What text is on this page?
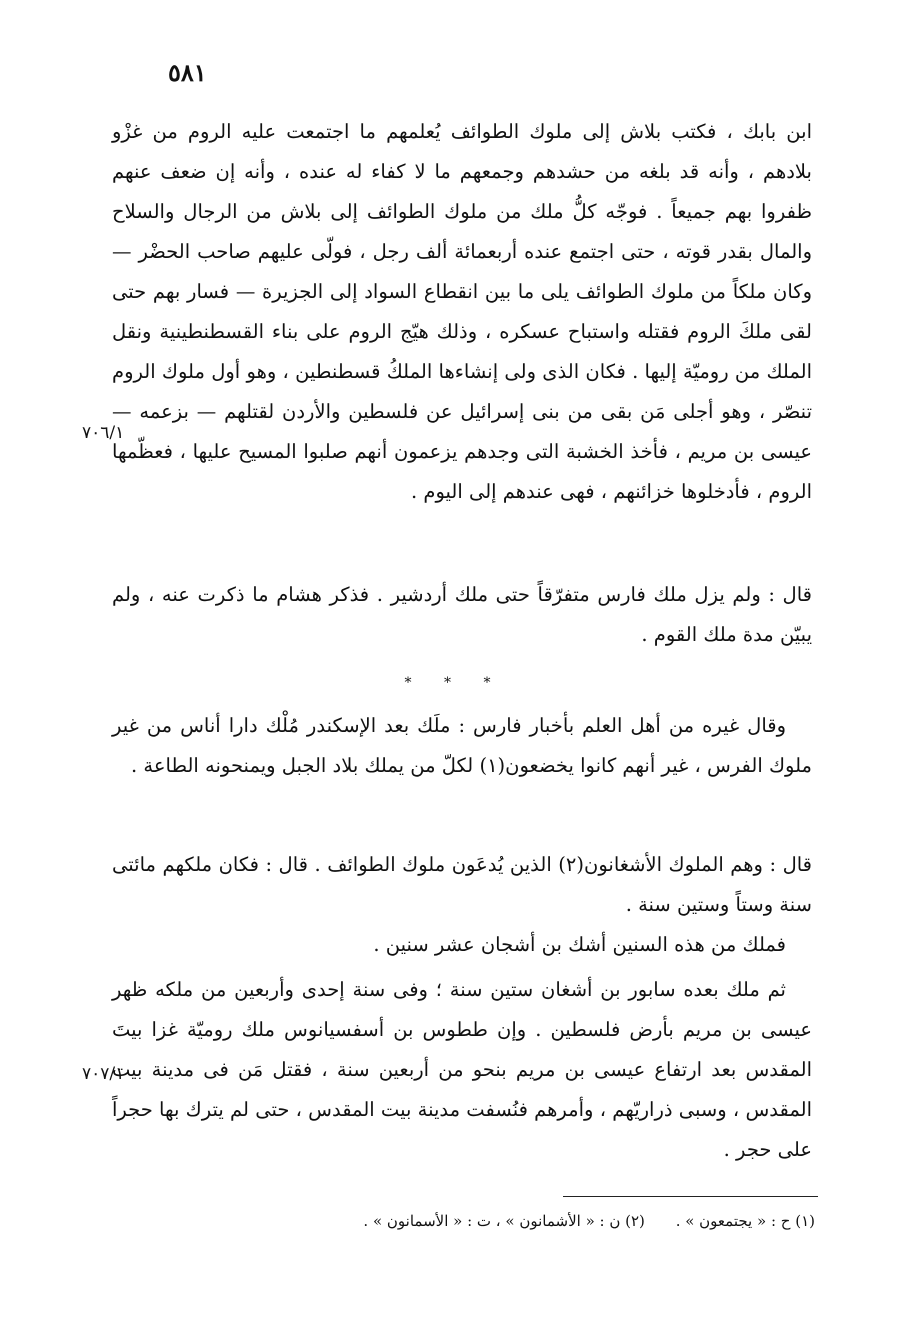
٥٨١

ابن بابك ، فكتب بلاش إلى ملوك الطوائف يُعلمهم ما اجتمعت عليه الروم من غزْو بلادهم ، وأنه قد بلغه من حشدهم وجمعهم ما لا كفاء له عنده ، وأنه إن ضعف عنهم ظفروا بهم جميعاً . فوجّه كلُّ ملك من ملوك الطوائف إلى بلاش من الرجال والسلاح والمال بقدر قوته ، حتى اجتمع عنده أربعمائة ألف رجل ، فولّى عليهم صاحب الحضْر — وكان ملكاً من ملوك الطوائف يلى ما بين انقطاع السواد إلى الجزيرة — فسار بهم حتى لقى ملكَ الروم فقتله واستباح عسكره ، وذلك هيّج الروم على بناء القسطنطينية ونقل الملك من روميّة إليها . فكان الذى ولى إنشاءها الملكُ قسطنطين ، وهو أول ملوك الروم تنصّر ، وهو أجلى مَن بقى من بنى إسرائيل عن فلسطين والأردن لقتلهم — بزعمه — عيسى بن مريم ، فأخذ الخشبة التى وجدهم يزعمون أنهم صلبوا المسيح عليها ، فعظّمها الروم ، فأدخلوها خزائنهم ، فهى عندهم إلى اليوم .

٧٠٦/١

قال : ولم يزل ملك فارس متفرّقاً حتى ملك أردشير . فذكر هشام ما ذكرت عنه ، ولم يبيّن مدة ملك القوم .

* * *

وقال غيره من أهل العلم بأخبار فارس : ملَك بعد الإسكندر مُلْك دارا أناس من غير ملوك الفرس ، غير أنهم كانوا يخضعون(١) لكلّ من يملك بلاد الجبل ويمنحونه الطاعة .

قال : وهم الملوك الأشغانون(٢) الذين يُدعَون ملوك الطوائف . قال : فكان ملكهم مائتى سنة وستاً وستين سنة .

فملك من هذه السنين أشك بن أشجان عشر سنين .

ثم ملك بعده سابور بن أشغان ستين سنة ؛ وفى سنة إحدى وأربعين من ملكه ظهر عيسى بن مريم بأرض فلسطين . وإن ططوس بن أسفسيانوس ملك روميّة غزا بيتَ المقدس بعد ارتفاع عيسى بن مريم بنحو من أربعين سنة ، فقتل مَن فى مدينة بيت المقدس ، وسبى ذراريّهم ، وأمرهم فنُسفت مدينة بيت المقدس ، حتى لم يترك بها حجراً على حجر .

٧٠٧/١
(١) ح : « يجتمعون » . (٢) ن : « الأشمانون » ، ت : « الأسمانون » .
